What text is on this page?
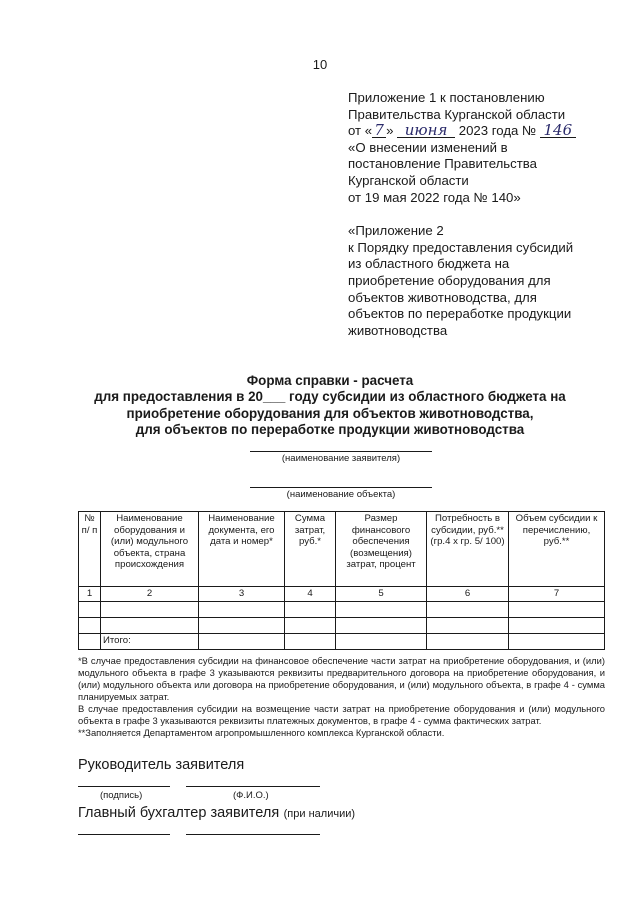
10
Приложение 1 к постановлению
Правительства Курганской области
от « 7 » июня 2023 года № 146
«О внесении изменений в
постановление Правительства
Курганской области
от 19 мая 2022 года № 140»
«Приложение 2
к Порядку предоставления субсидий
из областного бюджета на
приобретение оборудования для
объектов животноводства, для
объектов по переработке продукции
животноводства
Форма справки - расчета
для предоставления в 20___ году субсидии из областного бюджета на
приобретение оборудования для объектов животноводства,
для объектов по переработке продукции животноводства
(наименование заявителя)
(наименование объекта)
№ п/ п	Наименование оборудования и (или) модульного объекта, страна происхождения	Наименование документа, его дата и номер*	Сумма затрат, руб.*	Размер финансового обеспечения (возмещения) затрат, процент	Потребность в субсидии, руб.** (гр.4 х гр. 5/ 100)	Объем субсидии к перечислению, руб.**
1	2	3	4	5	6	7

	Итого:					

*В случае предоставления субсидии на финансовое обеспечение части затрат на приобретение оборудования, и (или) модульного объекта в графе 3 указываются реквизиты предварительного договора на приобретение оборудования, и (или) модульного объекта или договора на приобретение оборудования, и (или) модульного объекта, в графе 4 - сумма планируемых затрат.

В случае предоставления субсидии на возмещение части затрат на приобретение оборудования и (или) модульного объекта в графе 3 указываются реквизиты платежных документов, в графе 4 - сумма фактических затрат.

**Заполняется Департаментом агропромышленного комплекса Курганской области.

Руководитель заявителя
(подпись)	(Ф.И.О.)
Главный бухгалтер заявителя (при наличии)
